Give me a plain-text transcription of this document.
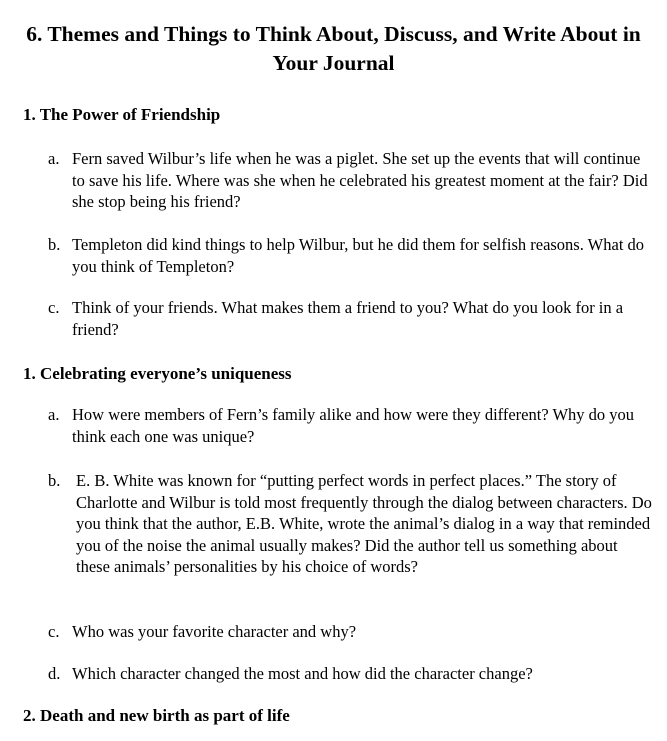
6. Themes and Things to Think About, Discuss, and Write About in Your Journal
1. The Power of Friendship
a. Fern saved Wilbur’s life when he was a piglet. She set up the events that will continue to save his life. Where was she when he celebrated his greatest moment at the fair? Did she stop being his friend?
b. Templeton did kind things to help Wilbur, but he did them for selfish reasons. What do you think of Templeton?
c. Think of your friends. What makes them a friend to you? What do you look for in a friend?
1. Celebrating everyone’s uniqueness
a. How were members of Fern’s family alike and how were they different? Why do you think each one was unique?
b. E. B. White was known for “putting perfect words in perfect places.” The story of Charlotte and Wilbur is told most frequently through the dialog between characters. Do you think that the author, E.B. White, wrote the animal’s dialog in a way that reminded you of the noise the animal usually makes? Did the author tell us something about these animals’ personalities by his choice of words?
c. Who was your favorite character and why?
d. Which character changed the most and how did the character change?
2. Death and new birth as part of life
